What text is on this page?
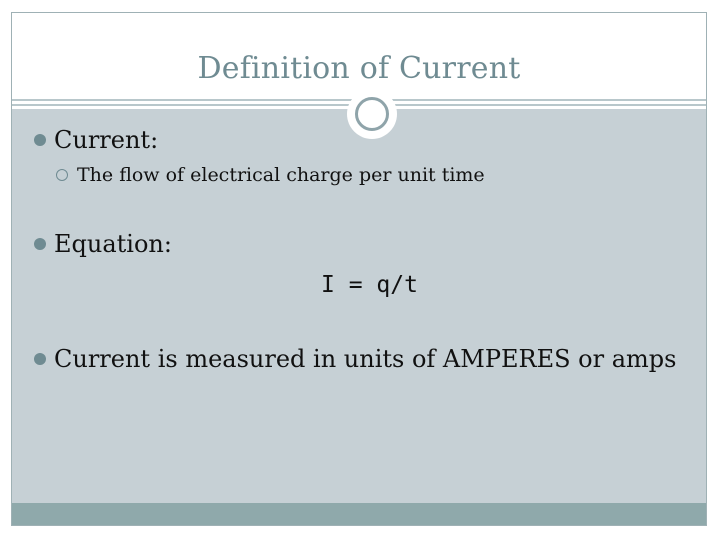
Definition of Current
Current:
The flow of electrical charge per unit time
Equation:
I = q/t
Current is measured in units of AMPERES or amps
